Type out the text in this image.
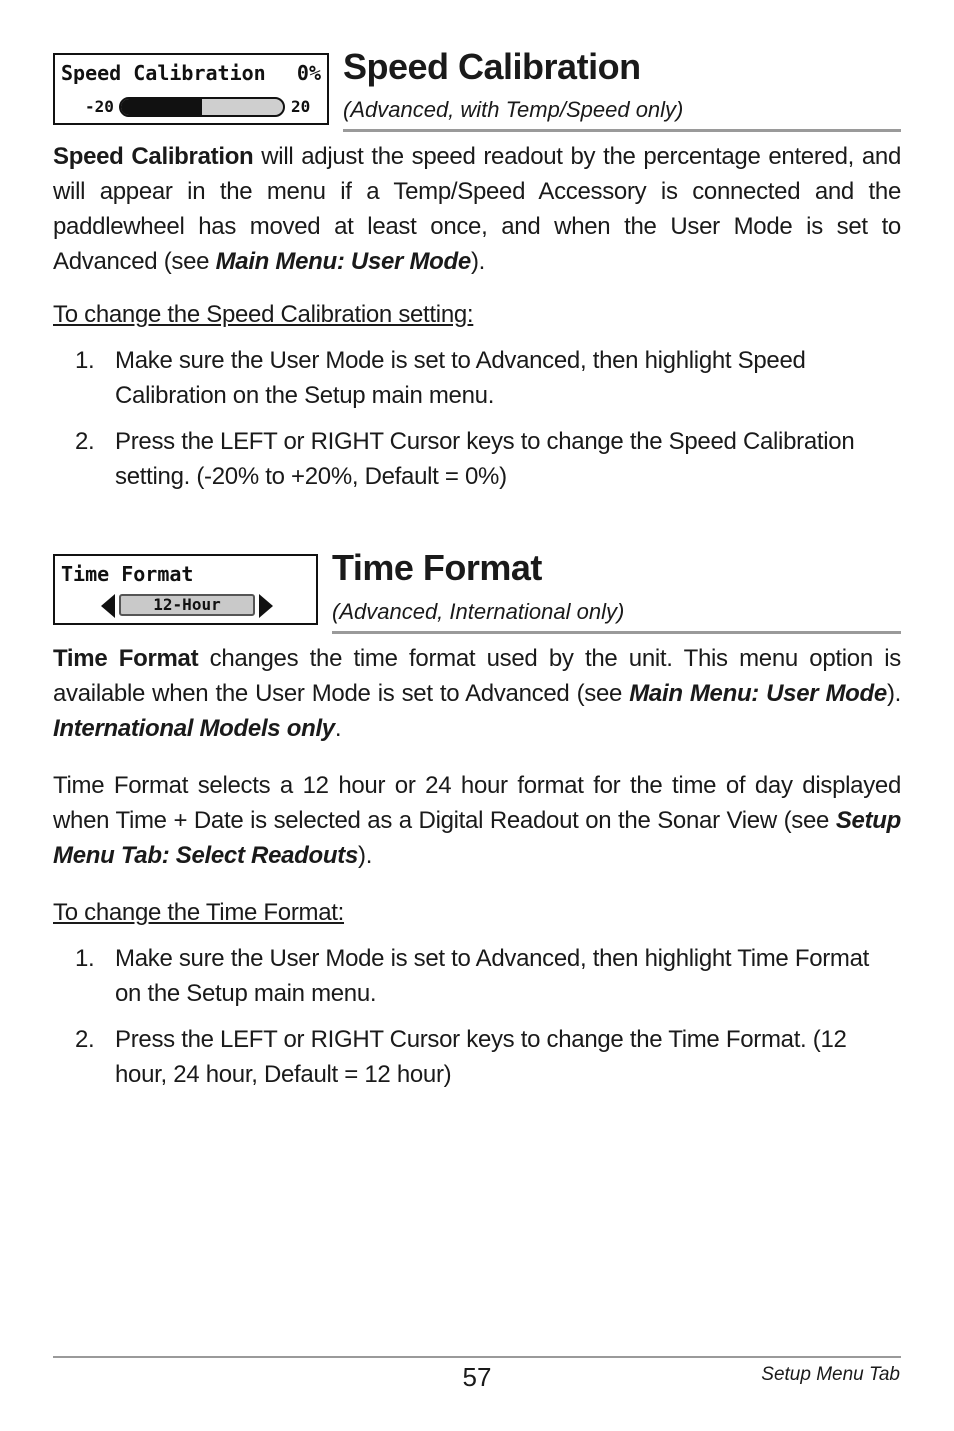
Speed Calibration 0%
-20	20
Speed Calibration
(Advanced, with Temp/Speed only)

Speed Calibration will adjust the speed readout by the percentage entered, and will appear in the menu if a Temp/Speed Accessory is connected and the paddlewheel has moved at least once, and when the User Mode is set to Advanced (see Main Menu: User Mode).

To change the Speed Calibration setting:
1. Make sure the User Mode is set to Advanced, then highlight Speed Calibration on the Setup main menu.
2. Press the LEFT or RIGHT Cursor keys to change the Speed Calibration setting. (-20% to +20%, Default = 0%)
Time Format
12-Hour
Time Format
(Advanced, International only)

Time Format changes the time format used by the unit. This menu option is available when the User Mode is set to Advanced (see Main Menu: User Mode). International Models only.

Time Format selects a 12 hour or 24 hour format for the time of day displayed when Time + Date is selected as a Digital Readout on the Sonar View (see Setup Menu Tab: Select Readouts).

To change the Time Format:
1. Make sure the User Mode is set to Advanced, then highlight Time Format on the Setup main menu.
2. Press the LEFT or RIGHT Cursor keys to change the Time Format. (12 hour, 24 hour, Default = 12 hour)
57	Setup Menu Tab
